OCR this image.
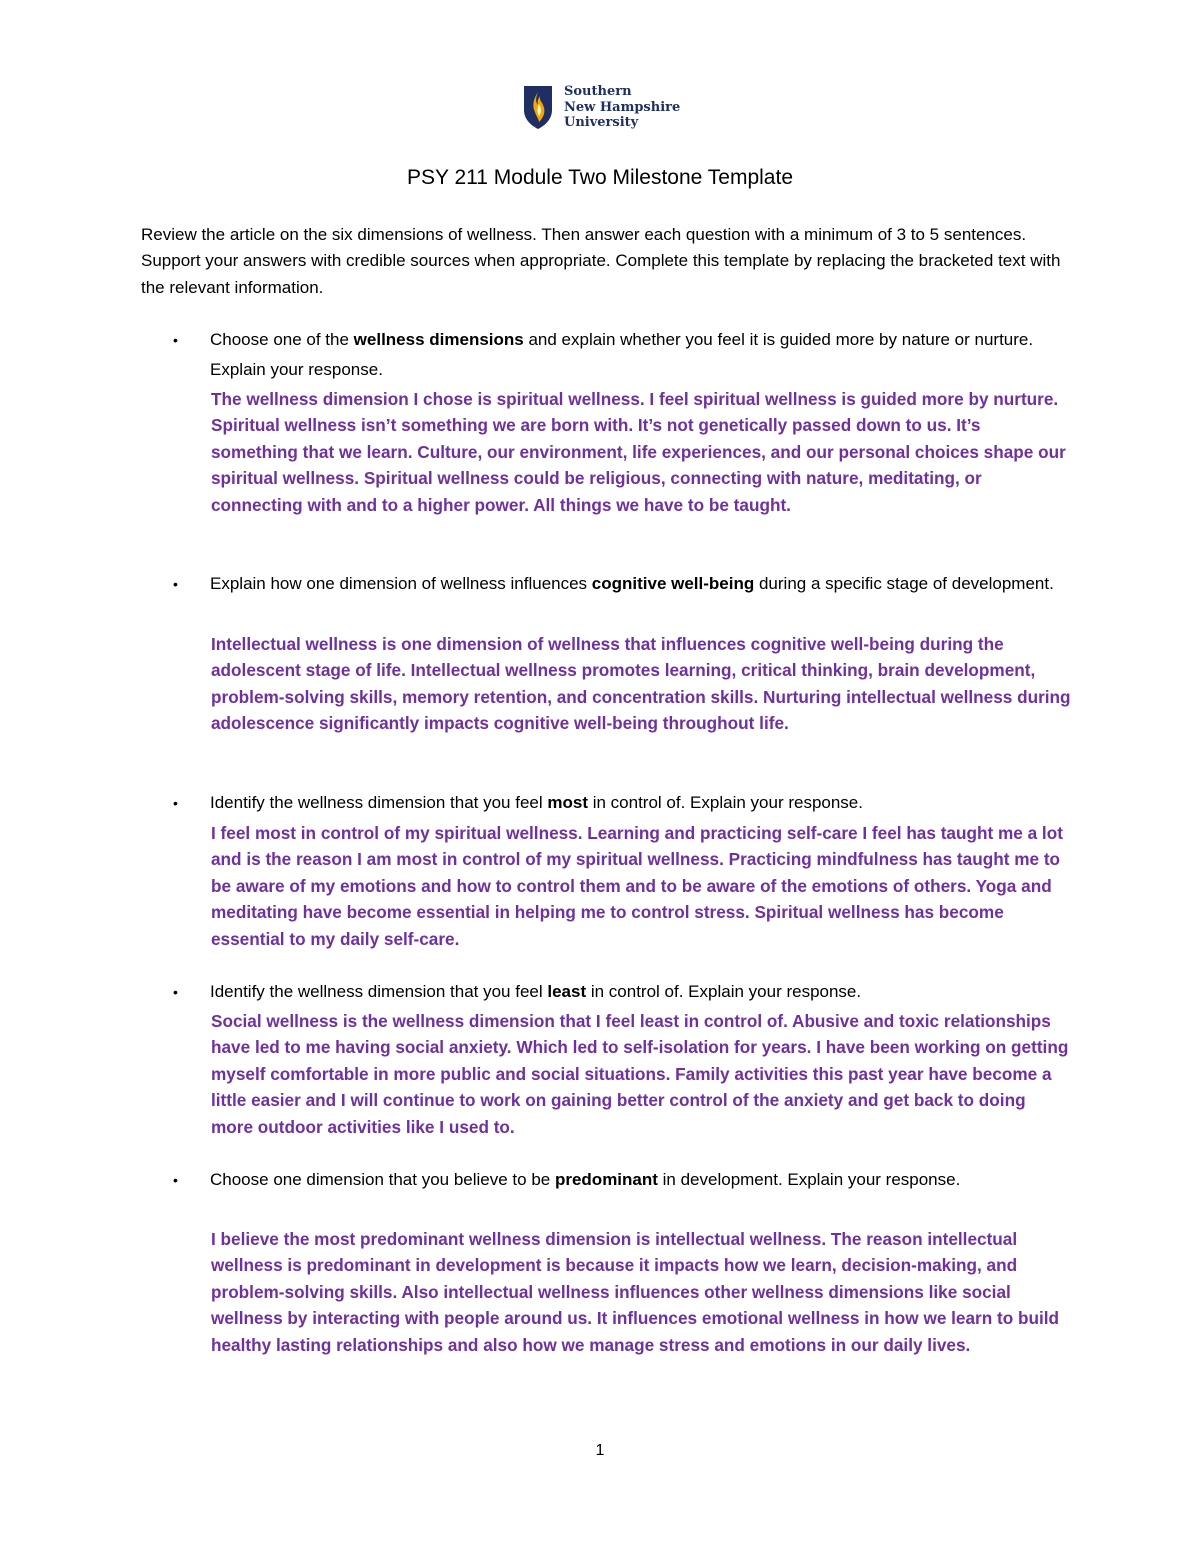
Southern
New Hampshire
University
PSY 211 Module Two Milestone Template
Review the article on the six dimensions of wellness. Then answer each question with a minimum of 3 to 5 sentences. Support your answers with credible sources when appropriate. Complete this template by replacing the bracketed text with the relevant information.
• Choose one of the wellness dimensions and explain whether you feel it is guided more by nature or nurture. Explain your response.
The wellness dimension I chose is spiritual wellness. I feel spiritual wellness is guided more by nurture. Spiritual wellness isn’t something we are born with. It’s not genetically passed down to us. It’s something that we learn. Culture, our environment, life experiences, and our personal choices shape our spiritual wellness. Spiritual wellness could be religious, connecting with nature, meditating, or connecting with and to a higher power. All things we have to be taught.
• Explain how one dimension of wellness influences cognitive well-being during a specific stage of development.
Intellectual wellness is one dimension of wellness that influences cognitive well-being during the adolescent stage of life. Intellectual wellness promotes learning, critical thinking, brain development, problem-solving skills, memory retention, and concentration skills. Nurturing intellectual wellness during adolescence significantly impacts cognitive well-being throughout life.
• Identify the wellness dimension that you feel most in control of. Explain your response.
I feel most in control of my spiritual wellness. Learning and practicing self-care I feel has taught me a lot and is the reason I am most in control of my spiritual wellness. Practicing mindfulness has taught me to be aware of my emotions and how to control them and to be aware of the emotions of others. Yoga and meditating have become essential in helping me to control stress. Spiritual wellness has become essential to my daily self-care.
• Identify the wellness dimension that you feel least in control of. Explain your response.
Social wellness is the wellness dimension that I feel least in control of. Abusive and toxic relationships have led to me having social anxiety. Which led to self-isolation for years. I have been working on getting myself comfortable in more public and social situations. Family activities this past year have become a little easier and I will continue to work on gaining better control of the anxiety and get back to doing more outdoor activities like I used to.
• Choose one dimension that you believe to be predominant in development. Explain your response.
I believe the most predominant wellness dimension is intellectual wellness. The reason intellectual wellness is predominant in development is because it impacts how we learn, decision-making, and problem-solving skills. Also intellectual wellness influences other wellness dimensions like social wellness by interacting with people around us. It influences emotional wellness in how we learn to build healthy lasting relationships and also how we manage stress and emotions in our daily lives.
1
